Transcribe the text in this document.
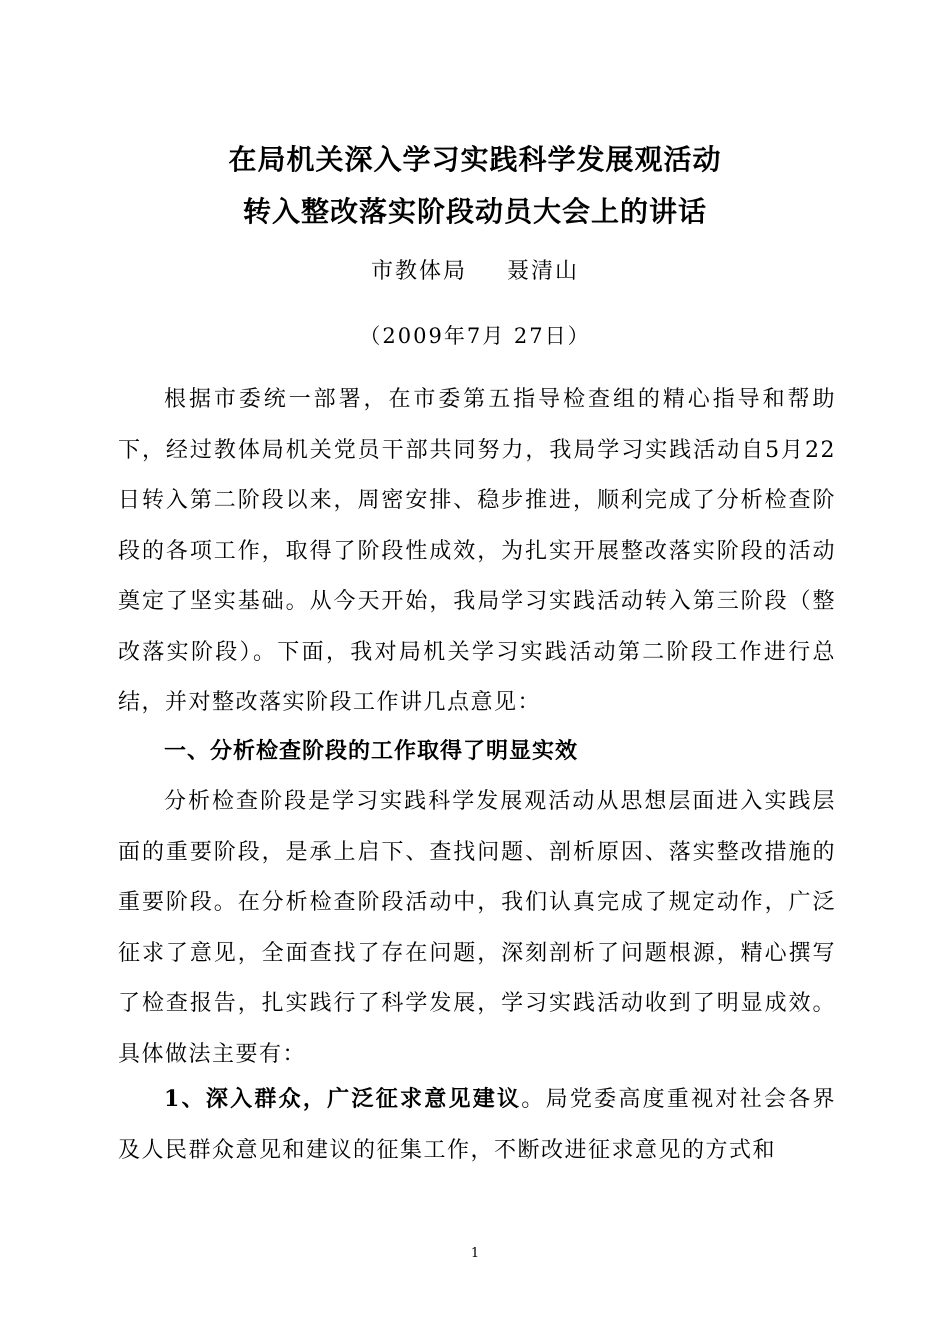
在局机关深入学习实践科学发展观活动
转入整改落实阶段动员大会上的讲话
市教体局 聂清山
（2009年7月 27日）
根据市委统一部署，在市委第五指导检查组的精心指导和帮助下，经过教体局机关党员干部共同努力，我局学习实践活动自5月22日转入第二阶段以来，周密安排、稳步推进，顺利完成了分析检查阶段的各项工作，取得了阶段性成效，为扎实开展整改落实阶段的活动奠定了坚实基础。从今天开始，我局学习实践活动转入第三阶段（整改落实阶段）。下面，我对局机关学习实践活动第二阶段工作进行总结，并对整改落实阶段工作讲几点意见：
一、分析检查阶段的工作取得了明显实效
分析检查阶段是学习实践科学发展观活动从思想层面进入实践层面的重要阶段，是承上启下、查找问题、剖析原因、落实整改措施的重要阶段。在分析检查阶段活动中，我们认真完成了规定动作，广泛征求了意见，全面查找了存在问题，深刻剖析了问题根源，精心撰写了检查报告，扎实践行了科学发展，学习实践活动收到了明显成效。具体做法主要有：
1、深入群众，广泛征求意见建议。局党委高度重视对社会各界及人民群众意见和建议的征集工作，不断改进征求意见的方式和
1
